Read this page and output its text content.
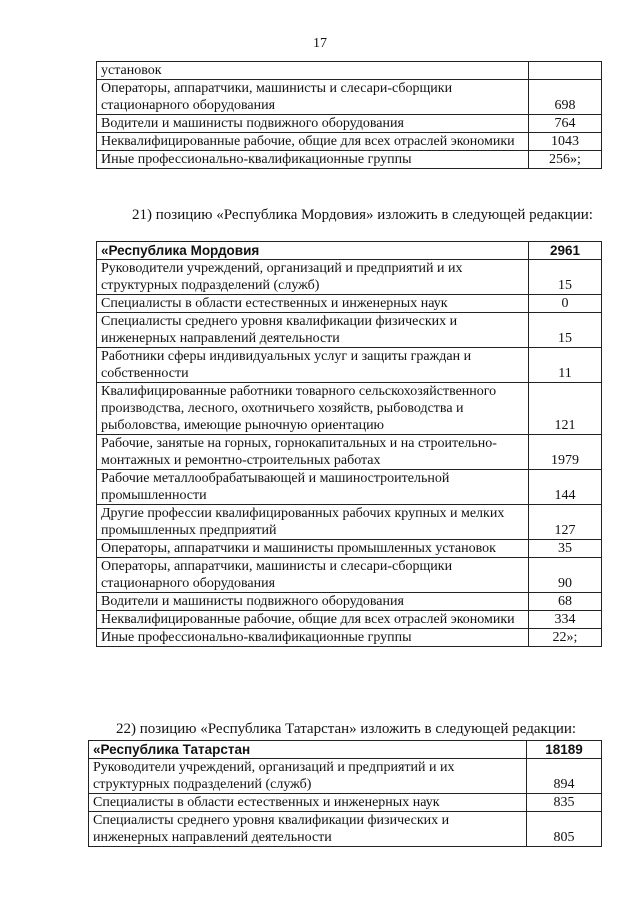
17
установок	
Операторы, аппаратчики, машинисты и слесари-сборщики стационарного оборудования	698
Водители и машинисты подвижного оборудования	764
Неквалифицированные рабочие, общие для всех отраслей экономики	1043
Иные профессионально-квалификационные группы	256»;
21) позицию «Республика Мордовия» изложить в следующей редакции:
«Республика Мордовия	2961
Руководители учреждений, организаций и предприятий и их структурных подразделений (служб)	15
Специалисты в области естественных и инженерных наук	0
Специалисты среднего уровня квалификации физических и инженерных направлений деятельности	15
Работники сферы индивидуальных услуг и защиты граждан и собственности	11
Квалифицированные работники товарного сельскохозяйственного производства, лесного, охотничьего хозяйств, рыбоводства и рыболовства, имеющие рыночную ориентацию	121
Рабочие, занятые на горных, горнокапитальных и на строительно-монтажных и ремонтно-строительных работах	1979
Рабочие металлообрабатывающей и машиностроительной промышленности	144
Другие профессии квалифицированных рабочих крупных и мелких промышленных предприятий	127
Операторы, аппаратчики и машинисты промышленных установок	35
Операторы, аппаратчики, машинисты и слесари-сборщики стационарного оборудования	90
Водители и машинисты подвижного оборудования	68
Неквалифицированные рабочие, общие для всех отраслей экономики	334
Иные профессионально-квалификационные группы	22»;
22) позицию «Республика Татарстан» изложить в следующей редакции:
«Республика Татарстан	18189
Руководители учреждений, организаций и предприятий и их структурных подразделений (служб)	894
Специалисты в области естественных и инженерных наук	835
Специалисты среднего уровня квалификации физических и инженерных направлений деятельности	805
